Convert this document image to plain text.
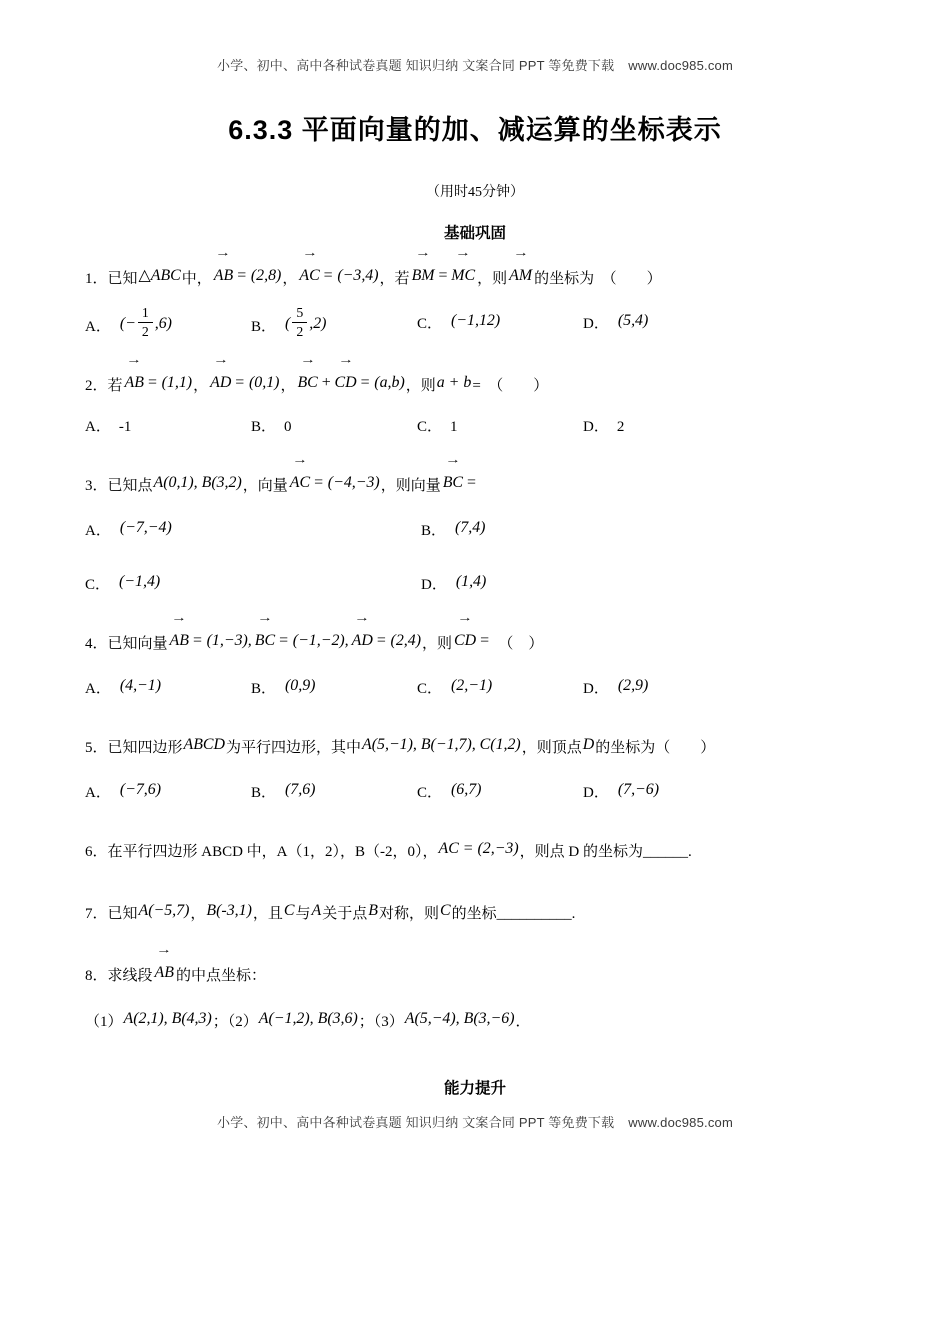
小学、初中、高中各种试卷真题 知识归纳 文案合同 PPT 等免费下载 www.doc985.com
6.3.3 平面向量的加、减运算的坐标表示
（用时45分钟）
基础巩固

1．已知△ABC中， → AB = (2,8)， → AC = (−3,4)，若 → BM = → MC ，则 → AM 的坐标为　（　　）

A． (− $\frac{1}{2} ,6$)	B． ( $\frac{5}{2} ,2$)	C． (−1,12)	D． (5,4)

2．若 → AB = (1,1)， → AD = (0,1)， → BC + → CD = (a,b)，则a + b=　（　　）

A． -1	B． 0	C． 1	D． 2

3．已知点A(0,1), B(3,2)，向量 → AC = (−4,−3)，则向量 → BC =

A． (−7,−4)	B． (7,4)
C． (−1,4)	D． (1,4)

4．已知向量 → AB = (1,−3), → BC = (−1,−2), → AD = (2,4)，则 → CD =　（　）

A． (4,−1)	B． (0,9)	C． (2,−1)	D． (2,9)

5．已知四边形ABCD为平行四边形，其中A(5,−1), B(−1,7), C(1,2)，则顶点D的坐标为（　　）

A． (−7,6)	B． (7,6)	C． (6,7)	D． (7,−6)

6．在平行四边形 ABCD 中，A（1，2），B（-2，0），AC = (2,−3)，则点 D 的坐标为______.

7．已知A(−5,7)，B(-3,1)，且C与A关于点B对称，则C的坐标__________.

8．求线段 → AB 的中点坐标：

（1）A(2,1), B(4,3)；（2）A(−1,2), B(3,6)；（3）A(5,−4), B(3,−6)．

能力提升
小学、初中、高中各种试卷真题 知识归纳 文案合同 PPT 等免费下载 www.doc985.com
